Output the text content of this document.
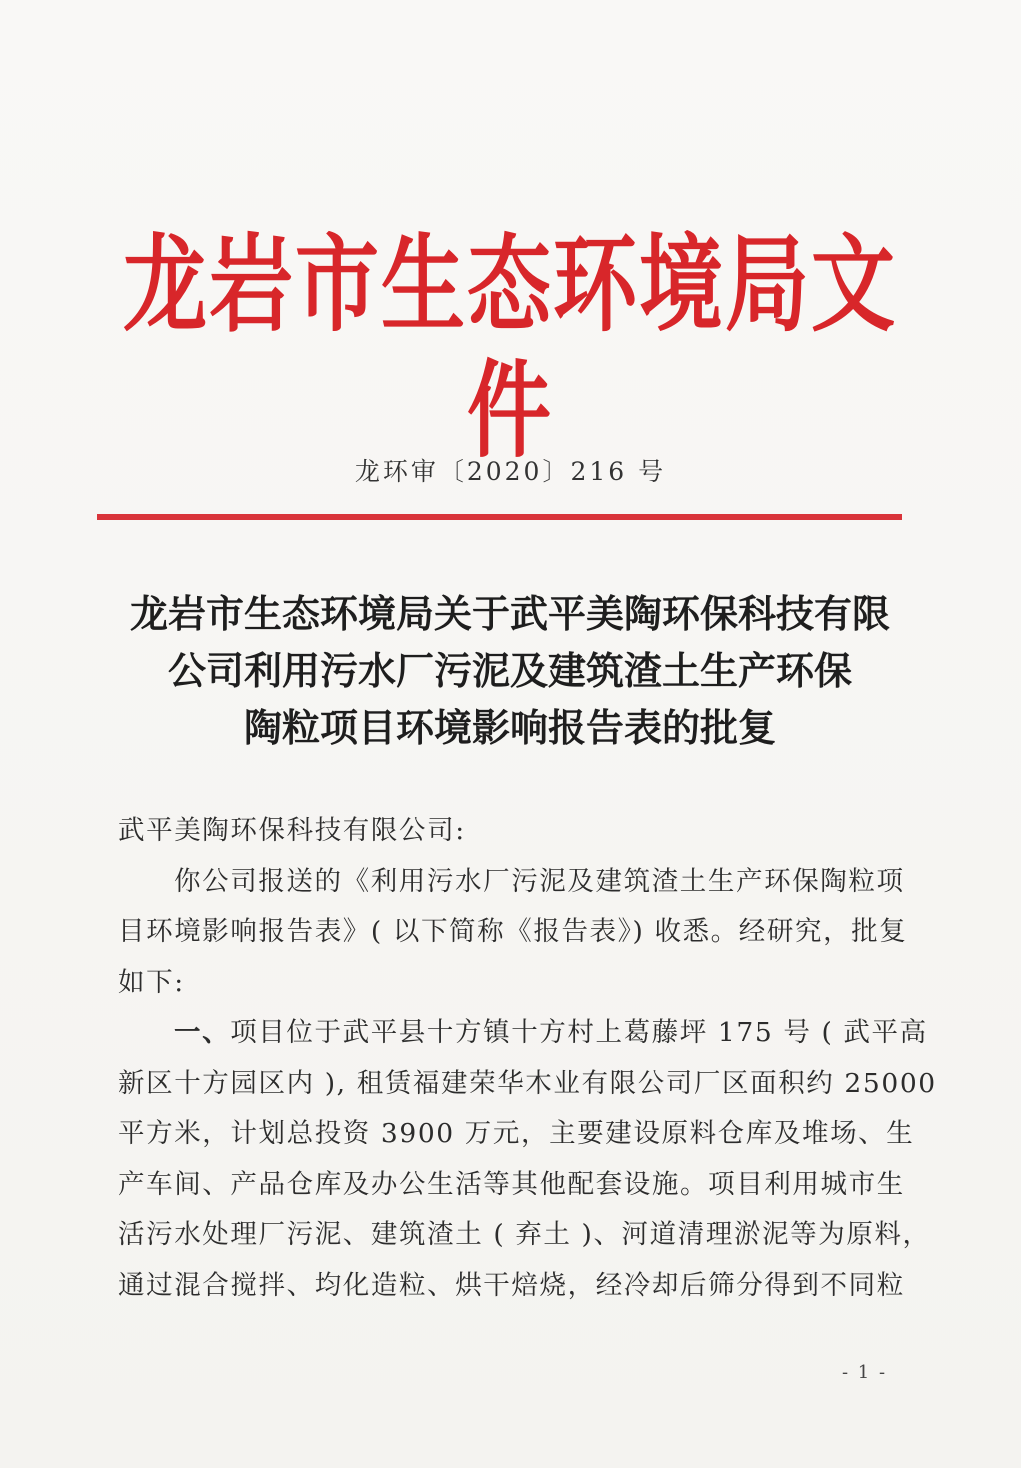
龙岩市生态环境局文件
龙环审〔2020〕216 号
龙岩市生态环境局关于武平美陶环保科技有限
公司利用污水厂污泥及建筑渣土生产环保
陶粒项目环境影响报告表的批复
武平美陶环保科技有限公司:
你公司报送的《利用污水厂污泥及建筑渣土生产环保陶粒项
目环境影响报告表》( 以下简称《报告表》) 收悉。经研究，批复
如下:
一、项目位于武平县十方镇十方村上葛藤坪 175 号 ( 武平高
新区十方园区内 ), 租赁福建荣华木业有限公司厂区面积约 25000
平方米，计划总投资 3900 万元，主要建设原料仓库及堆场、生
产车间、产品仓库及办公生活等其他配套设施。项目利用城市生
活污水处理厂污泥、建筑渣土 ( 弃土 )、河道清理淤泥等为原料，
通过混合搅拌、均化造粒、烘干焙烧，经冷却后筛分得到不同粒
- 1 -
